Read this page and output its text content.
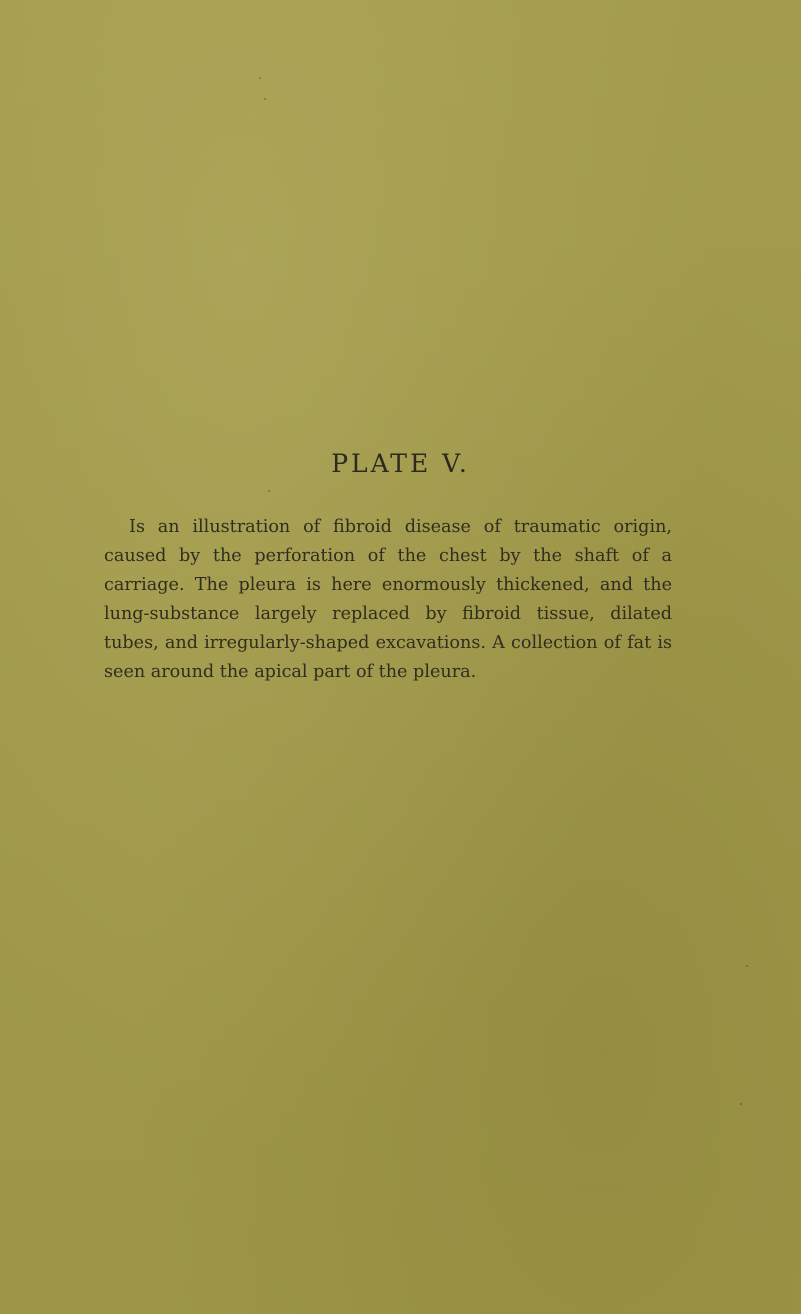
PLATE V.

Is an illustration of fibroid disease of traumatic origin, caused by the perforation of the chest by the shaft of a carriage. The pleura is here enormously thickened, and the lung-substance largely replaced by fibroid tissue, dilated tubes, and irregularly-shaped excavations. A collection of fat is seen around the apical part of the pleura.
